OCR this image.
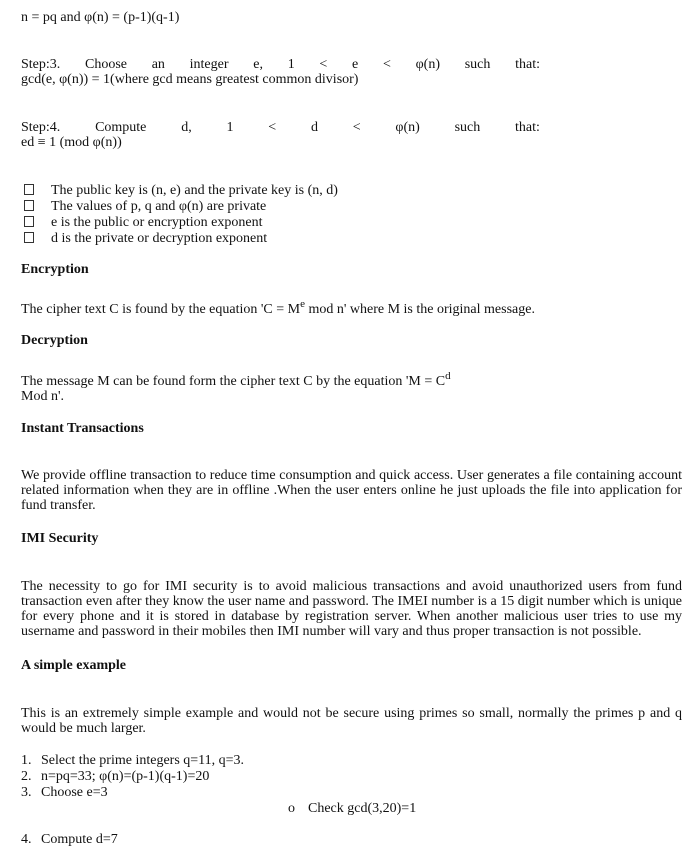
n = pq and φ(n) = (p-1)(q-1)
Step:3. Choose an integer e, 1 < e < φ(n) such that:
gcd(e, φ(n)) = 1(where gcd means greatest common divisor)
Step:4. Compute d, 1 < d < φ(n) such that:
ed ≡ 1 (mod φ(n))
The public key is (n, e) and the private key is (n, d)
The values of p, q and φ(n) are private
e is the public or encryption exponent
d is the private or decryption exponent
Encryption
The cipher text C is found by the equation '$C = M^e$ mod n' where M is the original message.
Decryption
The message M can be found form the cipher text C by the equation '$M = C^d$
Mod n'.
Instant Transactions
We provide offline transaction to reduce time consumption and quick access. User generates a file containing account related information when they are in offline .When the user enters online he just uploads the file into application for fund transfer.
IMI Security
The necessity to go for IMI security is to avoid malicious transactions and avoid unauthorized users from fund transaction even after they know the user name and password. The IMEI number is a 15 digit number which is unique for every phone and it is stored in database by registration server. When another malicious user tries to use my username and password in their mobiles then IMI number will vary and thus proper transaction is not possible.
A simple example
This is an extremely simple example and would not be secure using primes so small, normally the primes p and q would be much larger.
1. Select the prime integers q=11, q=3.
2. n=pq=33; φ(n)=(p-1)(q-1)=20
3. Choose e=3
o Check gcd(3,20)=1
4. Compute d=7
